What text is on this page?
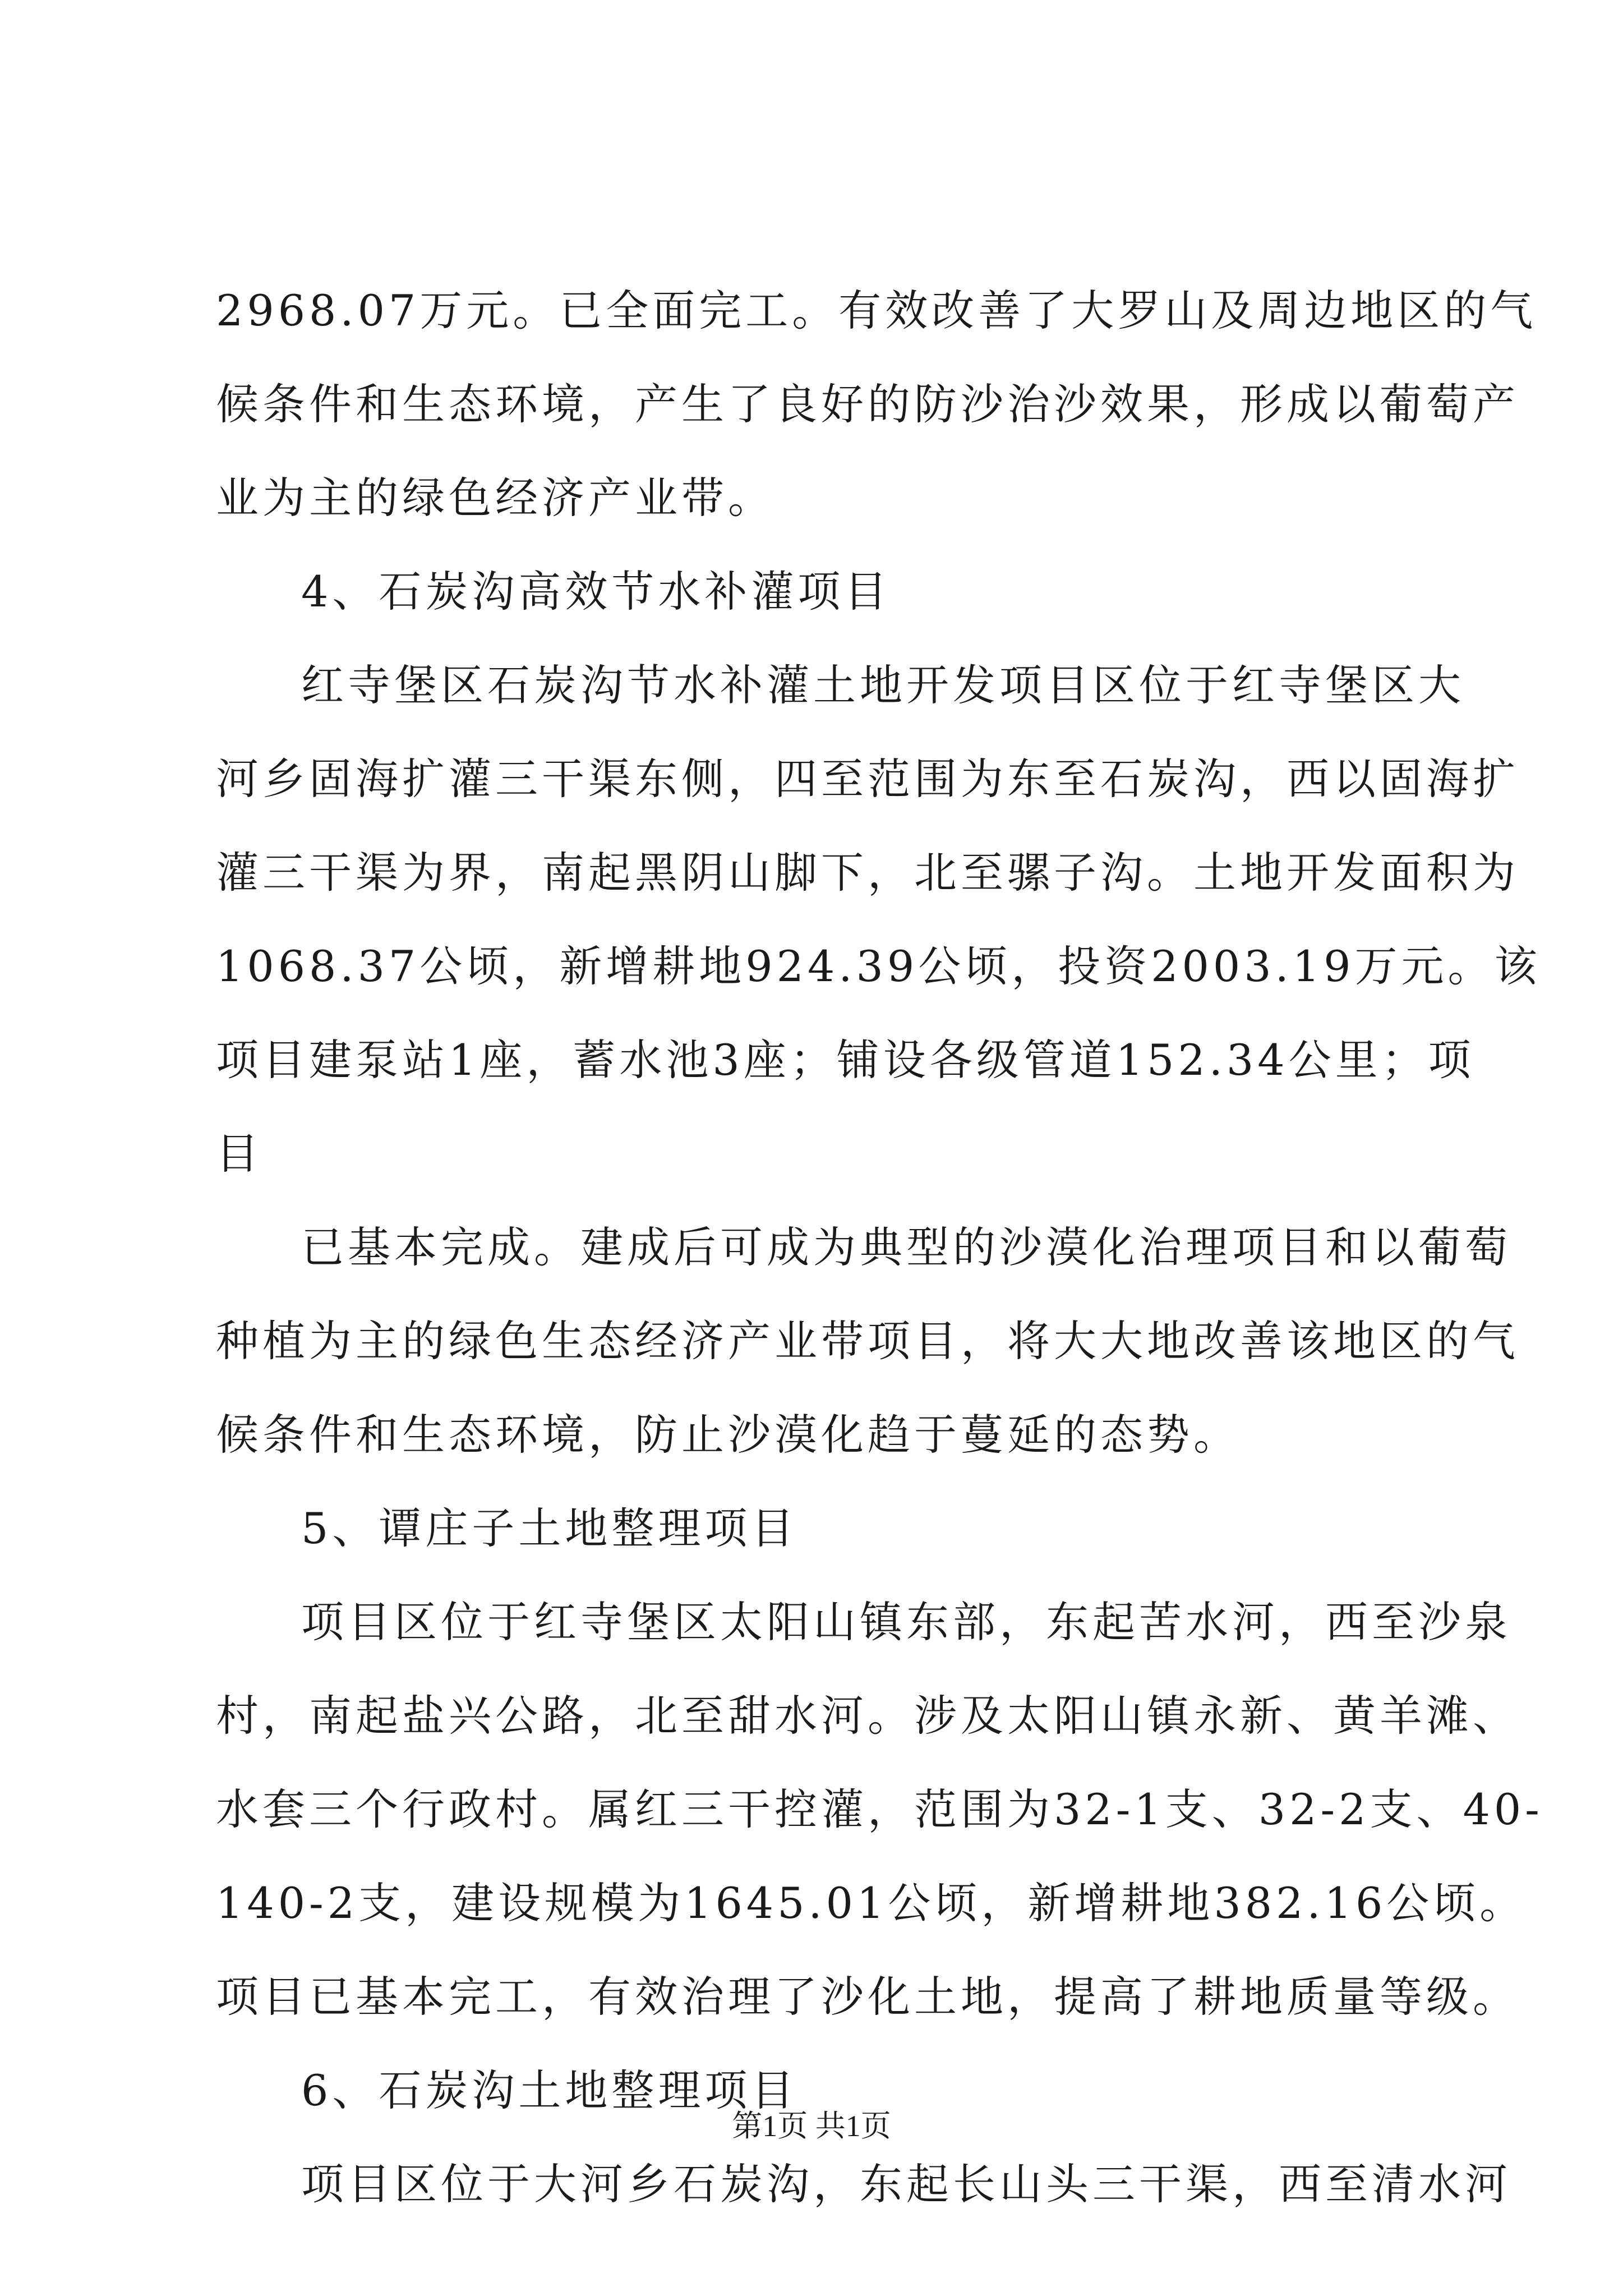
2968.07万元。已全面完工。有效改善了大罗山及周边地区的气
候条件和生态环境，产生了良好的防沙治沙效果，形成以葡萄产
业为主的绿色经济产业带。
4、石炭沟高效节水补灌项目
红寺堡区石炭沟节水补灌土地开发项目区位于红寺堡区大
河乡固海扩灌三干渠东侧，四至范围为东至石炭沟，西以固海扩
灌三干渠为界，南起黑阴山脚下，北至骡子沟。土地开发面积为
1068.37公顷，新增耕地924.39公顷，投资2003.19万元。该
项目建泵站1座，蓄水池3座；铺设各级管道152.34公里；项
目
已基本完成。建成后可成为典型的沙漠化治理项目和以葡萄
种植为主的绿色生态经济产业带项目，将大大地改善该地区的气
候条件和生态环境，防止沙漠化趋于蔓延的态势。
5、谭庄子土地整理项目
项目区位于红寺堡区太阳山镇东部，东起苦水河，西至沙泉
村，南起盐兴公路，北至甜水河。涉及太阳山镇永新、黄羊滩、
水套三个行政村。属红三干控灌，范围为32-1支、32-2支、40-
140-2支，建设规模为1645.01公顷，新增耕地382.16公顷。
项目已基本完工，有效治理了沙化土地，提高了耕地质量等级。
6、石炭沟土地整理项目
项目区位于大河乡石炭沟，东起长山头三干渠，西至清水河
第1页 共1页
